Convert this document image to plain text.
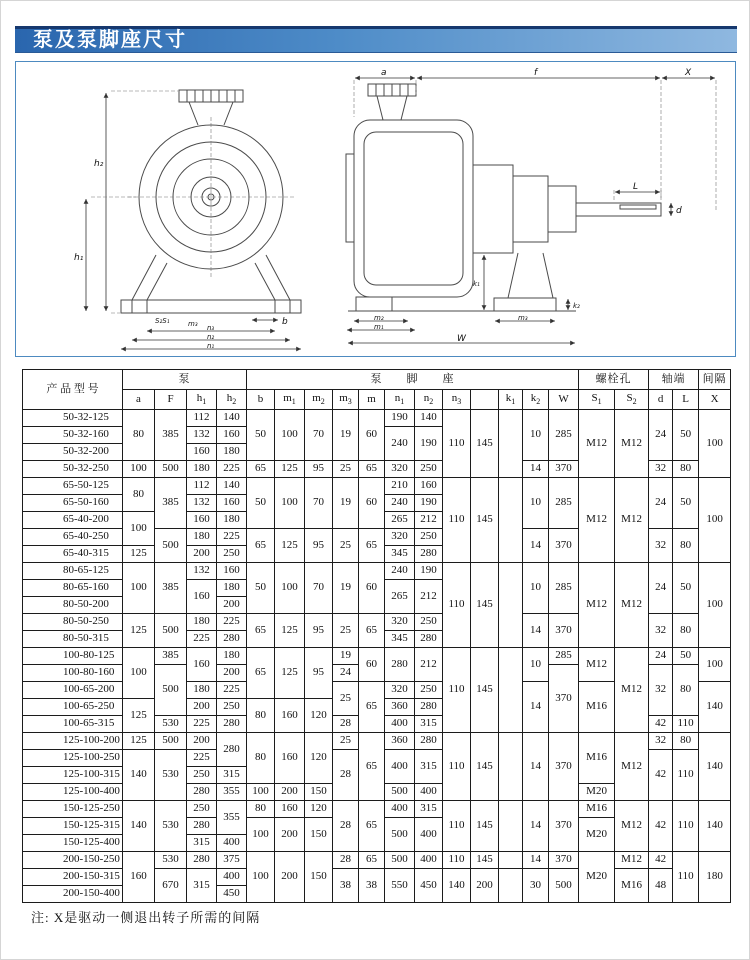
泵及泵脚座尺寸
h₂
h₁
S₂S₁	m₃	b
n₃
n₂
n₁
a	f	X
L
d
k₁
k₂
m₂
m₁
m₃
W
产 品 型 号	泵				泵　　脚　　座												螺栓孔		轴端		间隔
	a	F	$h_1$	$h_2$	b	$m_1$	$m_2$	$m_3$	m	$n_1$	$n_2$	$n_3$		$k_1$	$k_2$	W	$S_1$	$S_2$	d	L	X
50-32-125	80	385	112	140	50	100	70	19	60	190	140	110	145		10	285	M12	M12	24	50	100
50-32-160			132	160						240	190										
50-32-200			160	180																	
50-32-250	100	500	180	225	65	125	95	25	65	320	250				14	370			32	80	
65-50-125	80	385	112	140	50	100	70	19	60	210	160	110	145		10	285	M12	M12	24	50	100
65-50-160			132	160						240	190										
65-40-200	100		160	180						265	212										
65-40-250		500	180	225	65	125	95	25	65	320	250				14	370			32	80	
65-40-315	125		200	250						345	280										
80-65-125	100	385	132	160	50	100	70	19	60	240	190	110	145		10	285	M12	M12	24	50	100
80-65-160			160	180						265	212										
80-50-200				200																	
80-50-250	125	500	180	225	65	125	95	25	65	320	250				14	370			32	80	
80-50-315			225	280						345	280										
100-80-125	100	385	160	180	65	125	95	19	60	280	212	110	145		10	285	M12	M12	24	50	100
100-80-160		500		200				24								370			32	80	
100-65-200			180	225				25	65	320	250				14		M16				140
100-65-250	125		200	250	80	160	120			360	280										
100-65-315		530	225	280				28		400	315								42	110	
125-100-200	125	500	200	280	80	160	120	25	65	360	280	110	145		14	370	M16	M12	32	80	140
125-100-250	140	530	225					28		400	315								42	110	
125-100-315			250	315																	
125-100-400			280	355	100	200	150			500	400						M20				
150-125-250	140	530	250	355	80	160	120	28	65	400	315	110	145		14	370	M16	M12	42	110	140
150-125-315			280		100	200	150			500	400						M20				
150-125-400			315	400																	
200-150-250	160	530	280	375	100	200	150	28	65	500	400	110	145		14	370	M20	M12	42	110	180
200-150-315		670	315	400				38	38	550	450	140	200		30	500		M16	48		
200-150-400				450																	
注: X是驱动一侧退出转子所需的间隔
